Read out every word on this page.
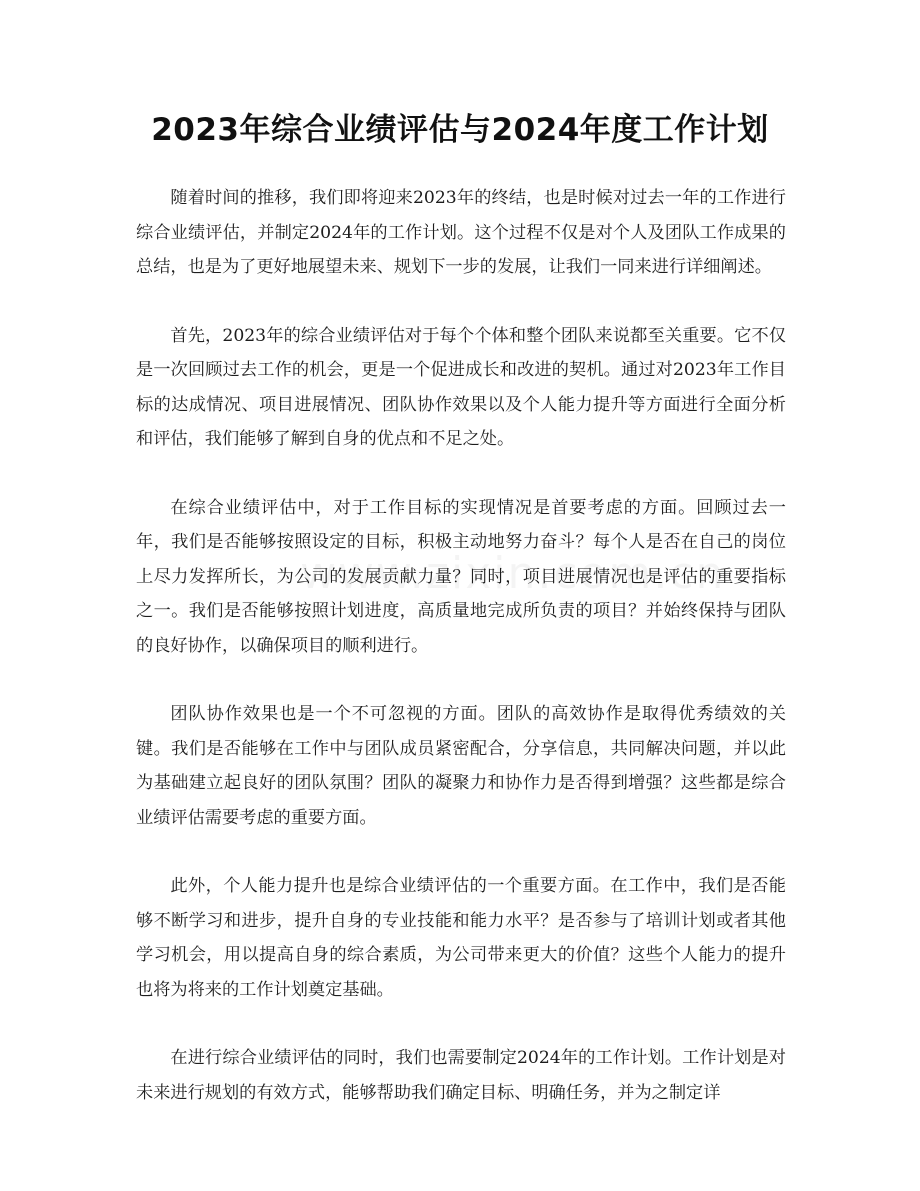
2023年综合业绩评估与2024年度工作计划

随着时间的推移，我们即将迎来2023年的终结，也是时候对过去一年的工作进行综合业绩评估，并制定2024年的工作计划。这个过程不仅是对个人及团队工作成果的总结，也是为了更好地展望未来、规划下一步的发展，让我们一同来进行详细阐述。

首先，2023年的综合业绩评估对于每个个体和整个团队来说都至关重要。它不仅是一次回顾过去工作的机会，更是一个促进成长和改进的契机。通过对2023年工作目标的达成情况、项目进展情况、团队协作效果以及个人能力提升等方面进行全面分析和评估，我们能够了解到自身的优点和不足之处。

在综合业绩评估中，对于工作目标的实现情况是首要考虑的方面。回顾过去一年，我们是否能够按照设定的目标，积极主动地努力奋斗？每个人是否在自己的岗位上尽力发挥所长，为公司的发展贡献力量？同时，项目进展情况也是评估的重要指标之一。我们是否能够按照计划进度，高质量地完成所负责的项目？并始终保持与团队的良好协作，以确保项目的顺利进行。

团队协作效果也是一个不可忽视的方面。团队的高效协作是取得优秀绩效的关键。我们是否能够在工作中与团队成员紧密配合，分享信息，共同解决问题，并以此为基础建立起良好的团队氛围？团队的凝聚力和协作力是否得到增强？这些都是综合业绩评估需要考虑的重要方面。

此外，个人能力提升也是综合业绩评估的一个重要方面。在工作中，我们是否能够不断学习和进步，提升自身的专业技能和能力水平？是否参与了培训计划或者其他学习机会，用以提高自身的综合素质，为公司带来更大的价值？这些个人能力的提升也将为将来的工作计划奠定基础。

在进行综合业绩评估的同时，我们也需要制定2024年的工作计划。工作计划是对未来进行规划的有效方式，能够帮助我们确定目标、明确任务，并为之制定详
